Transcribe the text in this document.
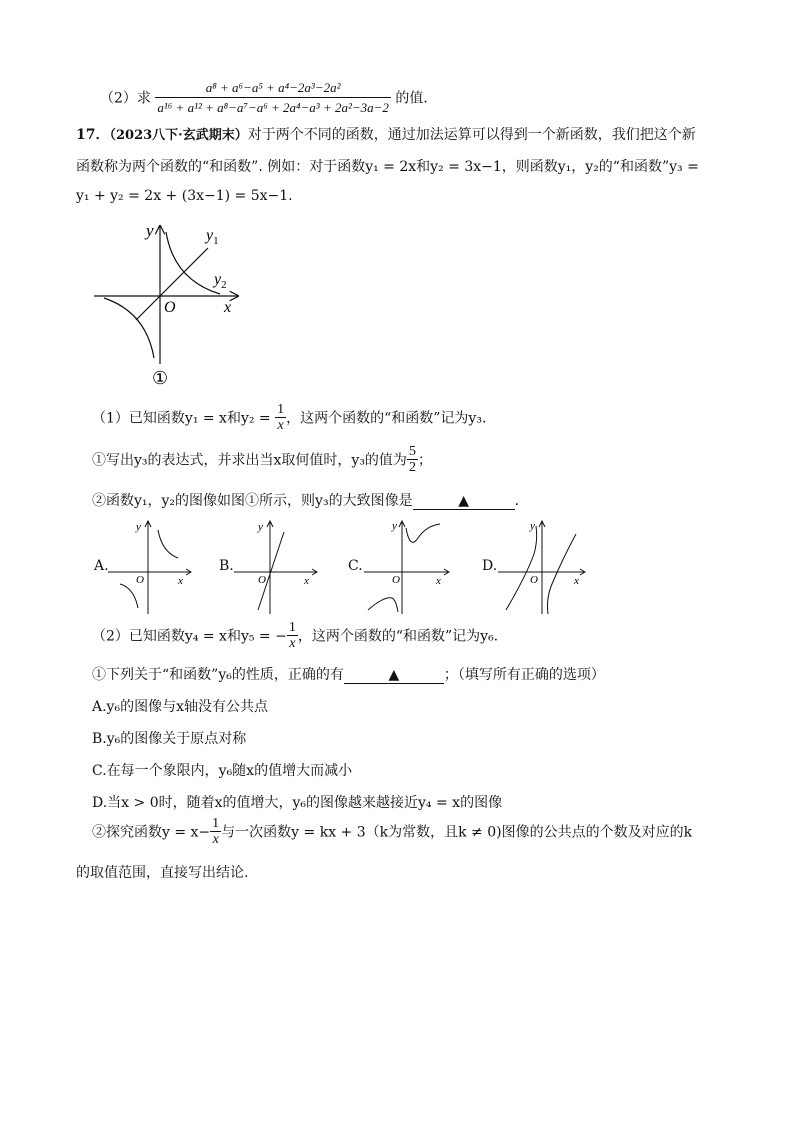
（2）求 $\frac{\text{a⁸ + a⁶−a⁵ + a⁴−2a³−2a²}}{\text{a¹⁶ + a¹² + a⁸−a⁷−a⁶ + 2a⁴−a³ + 2a²−3a−2}}$ 的值．
17．（2023八下·玄武期末）对于两个不同的函数，通过加法运算可以得到一个新函数，我们把这个新
函数称为两个函数的“和函数”. 例如：对于函数y₁ = 2x和y₂ = 3x−1，则函数y₁，y₂的“和函数”y₃ =
y₁ + y₂ = 2x + (3x−1) = 5x−1.
y
x
O
$y_1$
$y_2$
①
（1）已知函数y₁ = x和$y_2 = \frac{1}{x}$ ，这两个函数的“和函数”记为y₃.
①写出y₃的表达式，并求出当x取何值时，y₃的值为 $\frac{5}{2}$ ；
②函数y₁，y₂的图像如图①所示，则y₃的大致图像是	▲	.
A.
y
x
O
B.
y
x
O
C.
y
x
O
D.
y
x
O
（2）已知函数y₄ = x和y₅ = − $\frac{1}{x}$ ，这两个函数的“和函数”记为y₆.
①下列关于“和函数”y₆的性质，正确的有	▲	；（填写所有正确的选项）
A.y₆的图像与x轴没有公共点
B.y₆的图像关于原点对称
C.在每一个象限内，y₆随x的值增大而减小
D.当x > 0时，随着x的值增大，y₆的图像越来越接近y₄ = x的图像
②探究函数$y = x- \frac{1}{x}$ 与一次函数y = kx + 3（k为常数，且k ≠ 0)图像的公共点的个数及对应的k
的取值范围，直接写出结论.
